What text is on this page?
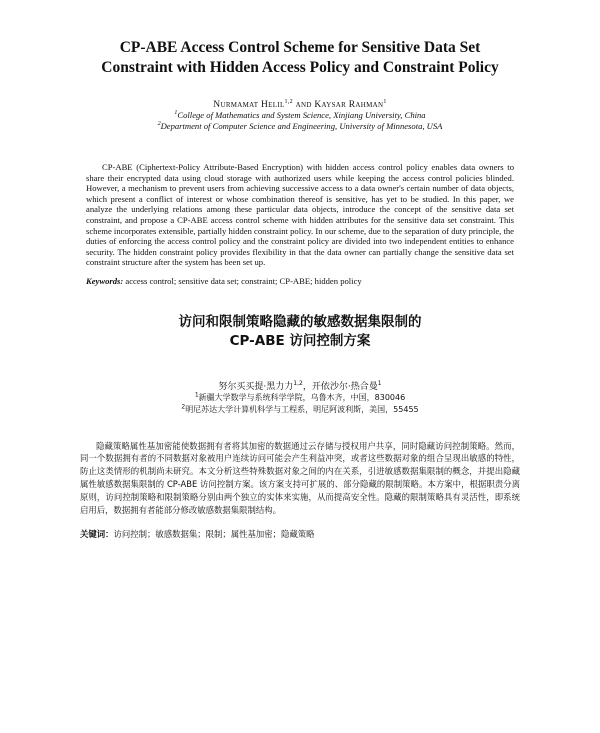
CP-ABE Access Control Scheme for Sensitive Data Set
Constraint with Hidden Access Policy and Constraint Policy
Nurmamat Helil$^{1,2}$ and Kaysar Rahman$^1$
$^1$College of Mathematics and System Science, Xinjiang University, China
$^2$Department of Computer Science and Engineering, University of Minnesota, USA

CP-ABE (Ciphertext-Policy Attribute-Based Encryption) with hidden access control policy enables data owners to share their encrypted data using cloud storage with authorized users while keeping the access control policies blinded. However, a mechanism to prevent users from achieving successive access to a data owner's certain number of data objects, which present a conflict of interest or whose combination thereof is sensitive, has yet to be studied. In this paper, we analyze the underlying relations among these particular data objects, introduce the concept of the sensitive data set constraint, and propose a CP-ABE access control scheme with hidden attributes for the sensitive data set constraint. This scheme incorporates extensible, partially hidden constraint policy. In our scheme, due to the separation of duty principle, the duties of enforcing the access control policy and the constraint policy are divided into two independent entities to enhance security. The hidden constraint policy provides flexibility in that the data owner can partially change the sensitive data set constraint structure after the system has been set up.

Keywords: access control; sensitive data set; constraint; CP-ABE; hidden policy
访问和限制策略隐藏的敏感数据集限制的
CP-ABE 访问控制方案
努尔买买提·黑力力$^{1,2}$，开依沙尔·热合曼$^1$
$^1$新疆大学数学与系统科学学院，乌鲁木齐，中国，830046
$^2$明尼苏达大学计算机科学与工程系，明尼阿波利斯，美国，55455

隐藏策略属性基加密能使数据拥有者将其加密的数据通过云存储与授权用户共享，同时隐藏访问控制策略。然而，同一个数据拥有者的不同数据对象被用户连续访问可能会产生利益冲突，或者这些数据对象的组合呈现出敏感的特性，防止这类情形的机制尚未研究。本文分析这些特殊数据对象之间的内在关系，引进敏感数据集限制的概念，并提出隐藏属性敏感数据集限制的 CP-ABE 访问控制方案。该方案支持可扩展的、部分隐藏的限制策略。本方案中，根据职责分离原则，访问控制策略和限制策略分别由两个独立的实体来实施，从而提高安全性。隐藏的限制策略具有灵活性，即系统启用后，数据拥有者能部分修改敏感数据集限制结构。

关键词：访问控制；敏感数据集；限制；属性基加密；隐藏策略
